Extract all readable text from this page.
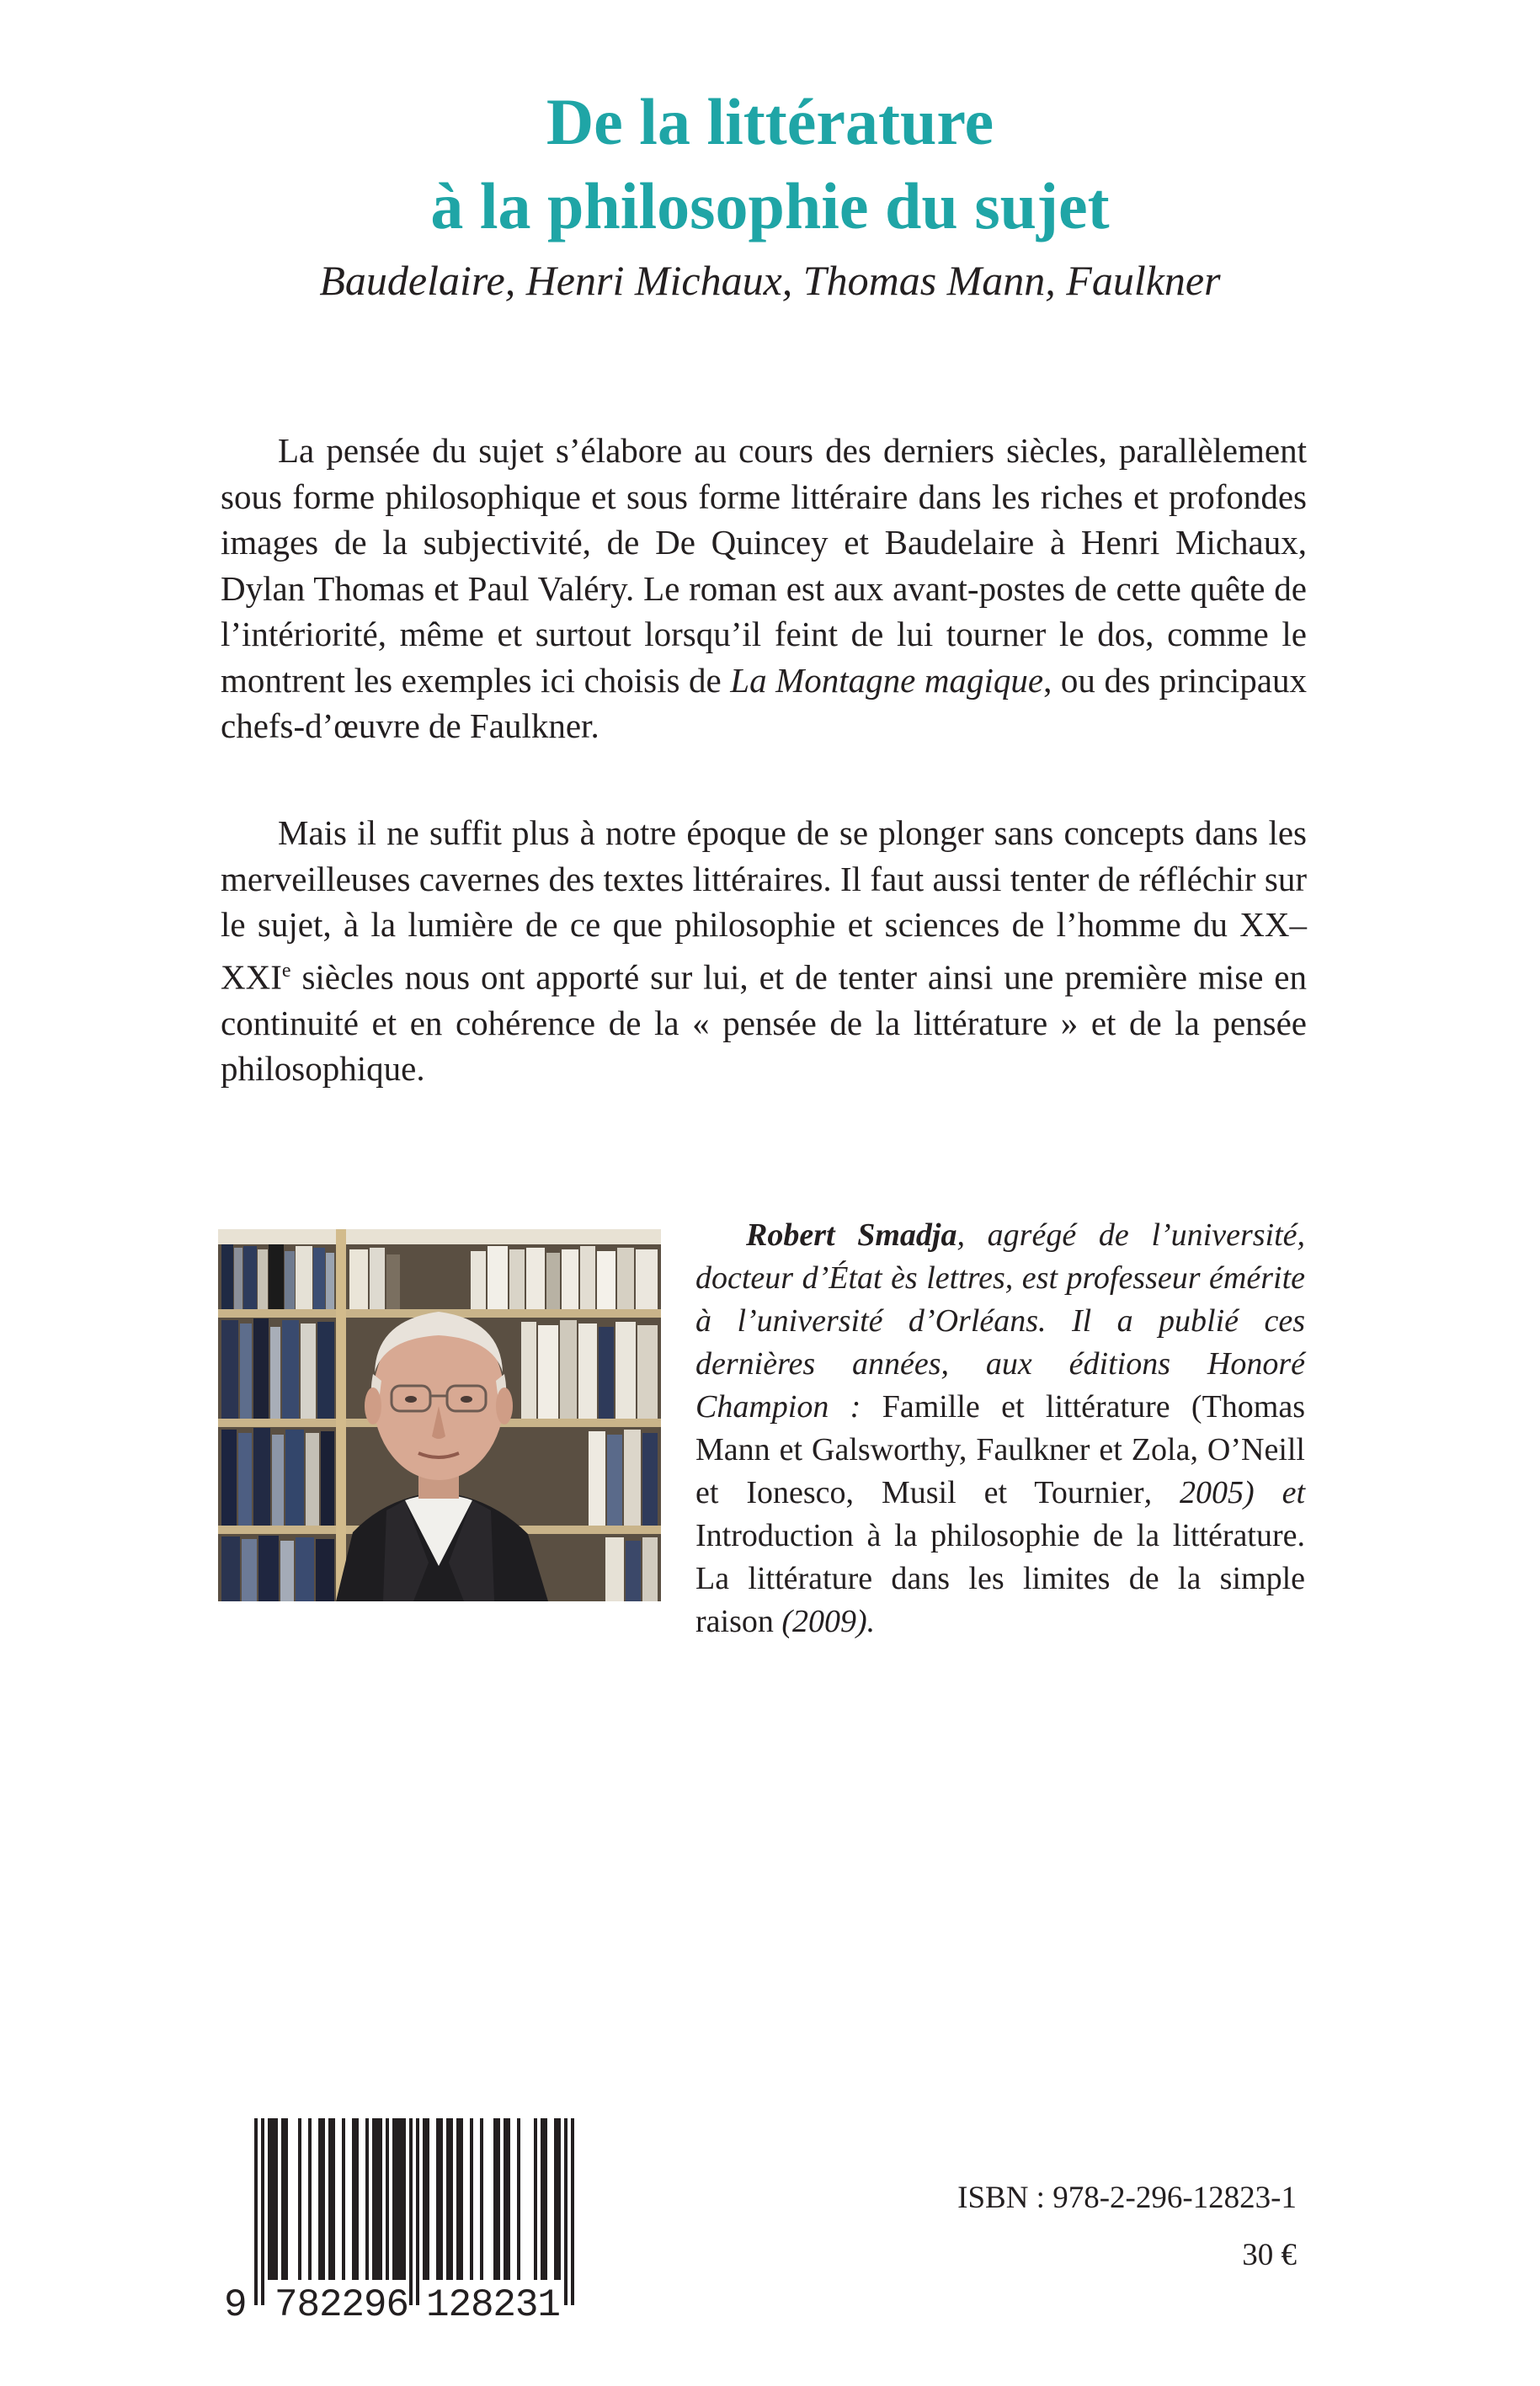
De la littérature
à la philosophie du sujet
Baudelaire, Henri Michaux, Thomas Mann, Faulkner

La pensée du sujet s’élabore au cours des derniers siècles, parallèlement sous forme philosophique et sous forme littéraire dans les riches et profondes images de la subjectivité, de De Quincey et Baudelaire à Henri Michaux, Dylan Thomas et Paul Valéry. Le roman est aux avant-postes de cette quête de l’intériorité, même et surtout lorsqu’il feint de lui tourner le dos, comme le montrent les exemples ici choisis de La Montagne magique, ou des principaux chefs-d’œuvre de Faulkner.

Mais il ne suffit plus à notre époque de se plonger sans concepts dans les merveilleuses cavernes des textes littéraires. Il faut aussi tenter de réfléchir sur le sujet, à la lumière de ce que philosophie et sciences de l’homme du XX–XXIe siècles nous ont apporté sur lui, et de tenter ainsi une première mise en continuité et en cohérence de la « pensée de la littérature » et de la pensée philosophique.

Robert Smadja, agrégé de l’université, docteur d’État ès lettres, est professeur émérite à l’université d’Orléans. Il a publié ces dernières années, aux éditions Honoré Champion : Famille et littérature (Thomas Mann et Galsworthy, Faulkner et Zola, O’Neill et Ionesco, Musil et Tournier, 2005) et Introduction à la philosophie de la littérature. La littérature dans les limites de la simple raison (2009).

9 782296 128231
ISBN : 978-2-296-12823-1
30 €
